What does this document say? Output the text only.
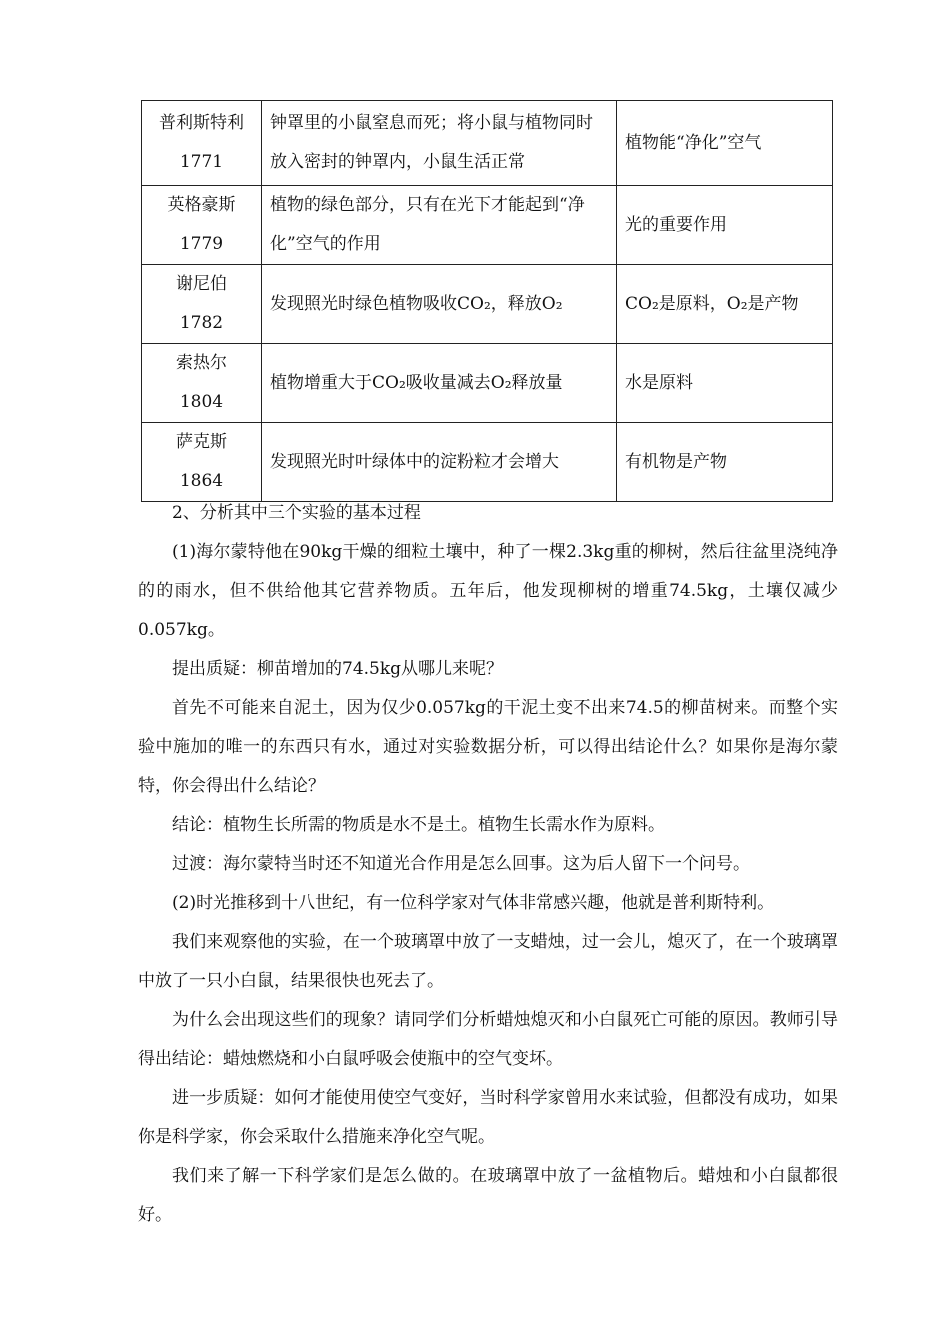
普利斯特利
1771	钟罩里的小鼠窒息而死；将小鼠与植物同时放入密封的钟罩内，小鼠生活正常	植物能“净化”空气

英格豪斯
1779	植物的绿色部分，只有在光下才能起到“净化”空气的作用	光的重要作用

谢尼伯
1782	发现照光时绿色植物吸收CO₂，释放O₂	CO₂是原料，O₂是产物

索热尔
1804	植物增重大于CO₂吸收量减去O₂释放量	水是原料

萨克斯
1864	发现照光时叶绿体中的淀粉粒才会增大	有机物是产物

2、分析其中三个实验的基本过程

(1)海尔蒙特他在90kg干燥的细粒土壤中，种了一棵2.3kg重的柳树，然后往盆里浇纯净的的雨水，但不供给他其它营养物质。五年后，他发现柳树的增重74.5kg，土壤仅减少0.057kg。

提出质疑：柳苗增加的74.5kg从哪儿来呢？

首先不可能来自泥土，因为仅少0.057kg的干泥土变不出来74.5的柳苗树来。而整个实验中施加的唯一的东西只有水，通过对实验数据分析，可以得出结论什么？如果你是海尔蒙特，你会得出什么结论？

结论：植物生长所需的物质是水不是土。植物生长需水作为原料。

过渡：海尔蒙特当时还不知道光合作用是怎么回事。这为后人留下一个问号。

(2)时光推移到十八世纪，有一位科学家对气体非常感兴趣，他就是普利斯特利。

我们来观察他的实验，在一个玻璃罩中放了一支蜡烛，过一会儿，熄灭了，在一个玻璃罩中放了一只小白鼠，结果很快也死去了。

为什么会出现这些们的现象？请同学们分析蜡烛熄灭和小白鼠死亡可能的原因。教师引导得出结论：蜡烛燃烧和小白鼠呼吸会使瓶中的空气变坏。

进一步质疑：如何才能使用使空气变好，当时科学家曾用水来试验，但都没有成功，如果你是科学家，你会采取什么措施来净化空气呢。

我们来了解一下科学家们是怎么做的。在玻璃罩中放了一盆植物后。蜡烛和小白鼠都很好。
